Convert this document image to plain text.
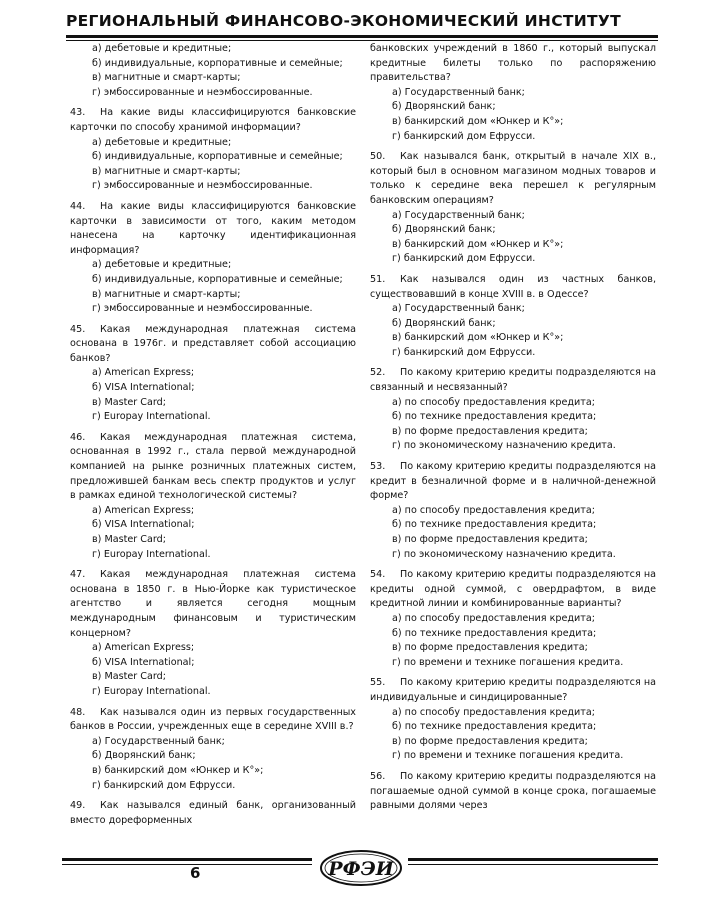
РЕГИОНАЛЬНЫЙ ФИНАНСОВО-ЭКОНОМИЧЕСКИЙ ИНСТИТУТ

а) дебетовые и кредитные;

б) индивидуальные, корпоративные и семейные;

в) магнитные и смарт-карты;

г) эмбоссированные и неэмбоссированные.

43. На какие виды классифицируются банковские карточки по способу хранимой информации?

а) дебетовые и кредитные;

б) индивидуальные, корпоративные и семейные;

в) магнитные и смарт-карты;

г) эмбоссированные и неэмбоссированные.

44. На какие виды классифицируются банковские карточки в зависимости от того, каким методом нанесена на карточку идентификационная информация?

а) дебетовые и кредитные;

б) индивидуальные, корпоративные и семейные;

в) магнитные и смарт-карты;

г) эмбоссированные и неэмбоссированные.

45. Какая международная платежная система основана в 1976г. и представляет собой ассоциацию банков?

а) American Express;

б) VISA International;

в) Master Card;

г) Europay International.

46. Какая международная платежная система, основанная в 1992 г., стала первой международной компанией на рынке розничных платежных систем, предложившей банкам весь спектр продуктов и услуг в рамках единой технологической системы?

а) American Express;

б) VISA International;

в) Master Card;

г) Europay International.

47. Какая международная платежная система основана в 1850 г. в Нью-Йорке как туристическое агентство и является сегодня мощным международным финансовым и туристическим концерном?

а) American Express;

б) VISA International;

в) Master Card;

г) Europay International.

48. Как назывался один из первых государственных банков в России, учрежденных еще в середине XVIII в.?

а) Государственный банк;

б) Дворянский банк;

в) банкирский дом «Юнкер и К°»;

г) банкирский дом Ефрусси.

49. Как назывался единый банк, организованный вместо дореформенных

банковских учреждений в 1860 г., который выпускал кредитные билеты только по распоряжению правительства?

а) Государственный банк;

б) Дворянский банк;

в) банкирский дом «Юнкер и К°»;

г) банкирский дом Ефрусси.

50. Как назывался банк, открытый в начале XIX в., который был в основном магазином модных товаров и только к середине века перешел к регулярным банковским операциям?

а) Государственный банк;

б) Дворянский банк;

в) банкирский дом «Юнкер и К°»;

г) банкирский дом Ефрусси.

51. Как назывался один из частных банков, существовавший в конце XVIII в. в Одессе?

а) Государственный банк;

б) Дворянский банк;

в) банкирский дом «Юнкер и К°»;

г) банкирский дом Ефрусси.

52. По какому критерию кредиты подразделяются на связанный и несвязанный?

а) по способу предоставления кредита;

б) по технике предоставления кредита;

в) по форме предоставления кредита;

г) по экономическому назначению кредита.

53. По какому критерию кредиты подразделяются на кредит в безналичной форме и в наличной-денежной форме?

а) по способу предоставления кредита;

б) по технике предоставления кредита;

в) по форме предоставления кредита;

г) по экономическому назначению кредита.

54. По какому критерию кредиты подразделяются на кредиты одной суммой, с овердрафтом, в виде кредитной линии и комбинированные варианты?

а) по способу предоставления кредита;

б) по технике предоставления кредита;

в) по форме предоставления кредита;

г) по времени и технике погашения кредита.

55. По какому критерию кредиты подразделяются на индивидуальные и синдицированные?

а) по способу предоставления кредита;

б) по технике предоставления кредита;

в) по форме предоставления кредита;

г) по времени и технике погашения кредита.

56. По какому критерию кредиты подразделяются на погашаемые одной суммой в конце срока, погашаемые равными долями через

6	РФЭИ
